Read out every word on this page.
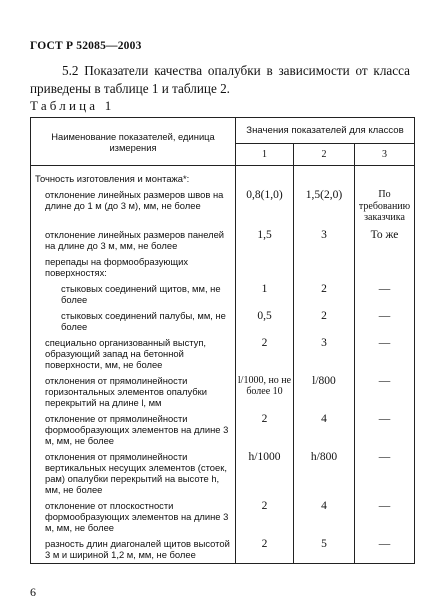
ГОСТ Р 52085—2003

5.2 Показатели качества опалубки в зависимости от класса приведены в таблице 1 и таблице 2.

Таблица 1
Наименование показателей, единица измерения	Значения показателей для классов		
	1	2	3

Точность изготовления и монтажа*:			
отклонение линейных размеров швов на длине до 1 м (до 3 м), мм, не более	0,8(1,0)	1,5(2,0)	По требованию заказчика
отклонение линейных размеров панелей на длине до 3 м, мм, не более	1,5	3	То же
перепады на формообразующих поверхностях:			
стыковых соединений щитов, мм, не более	1	2	—
стыковых соединений палубы, мм, не более	0,5	2	—
специально организованный выступ, образующий запад на бетонной поверхности, мм, не более	2	3	—
отклонения от прямолинейности горизонтальных элементов опалубки перекрытий на длине l, мм	l/1000, но не более 10	l/800	—
отклонение от прямолинейности формообразующих элементов на длине 3 м, мм, не более	2	4	—
отклонения от прямолинейности вертикальных несущих элементов (стоек, рам) опалубки перекрытий на высоте h, мм, не более	h/1000	h/800	—
отклонение от плоскостности формообразующих элементов на длине 3 м, мм, не более	2	4	—
разность длин диагоналей щитов высотой 3 м и шириной 1,2 м, мм, не более	2	5	—
6
